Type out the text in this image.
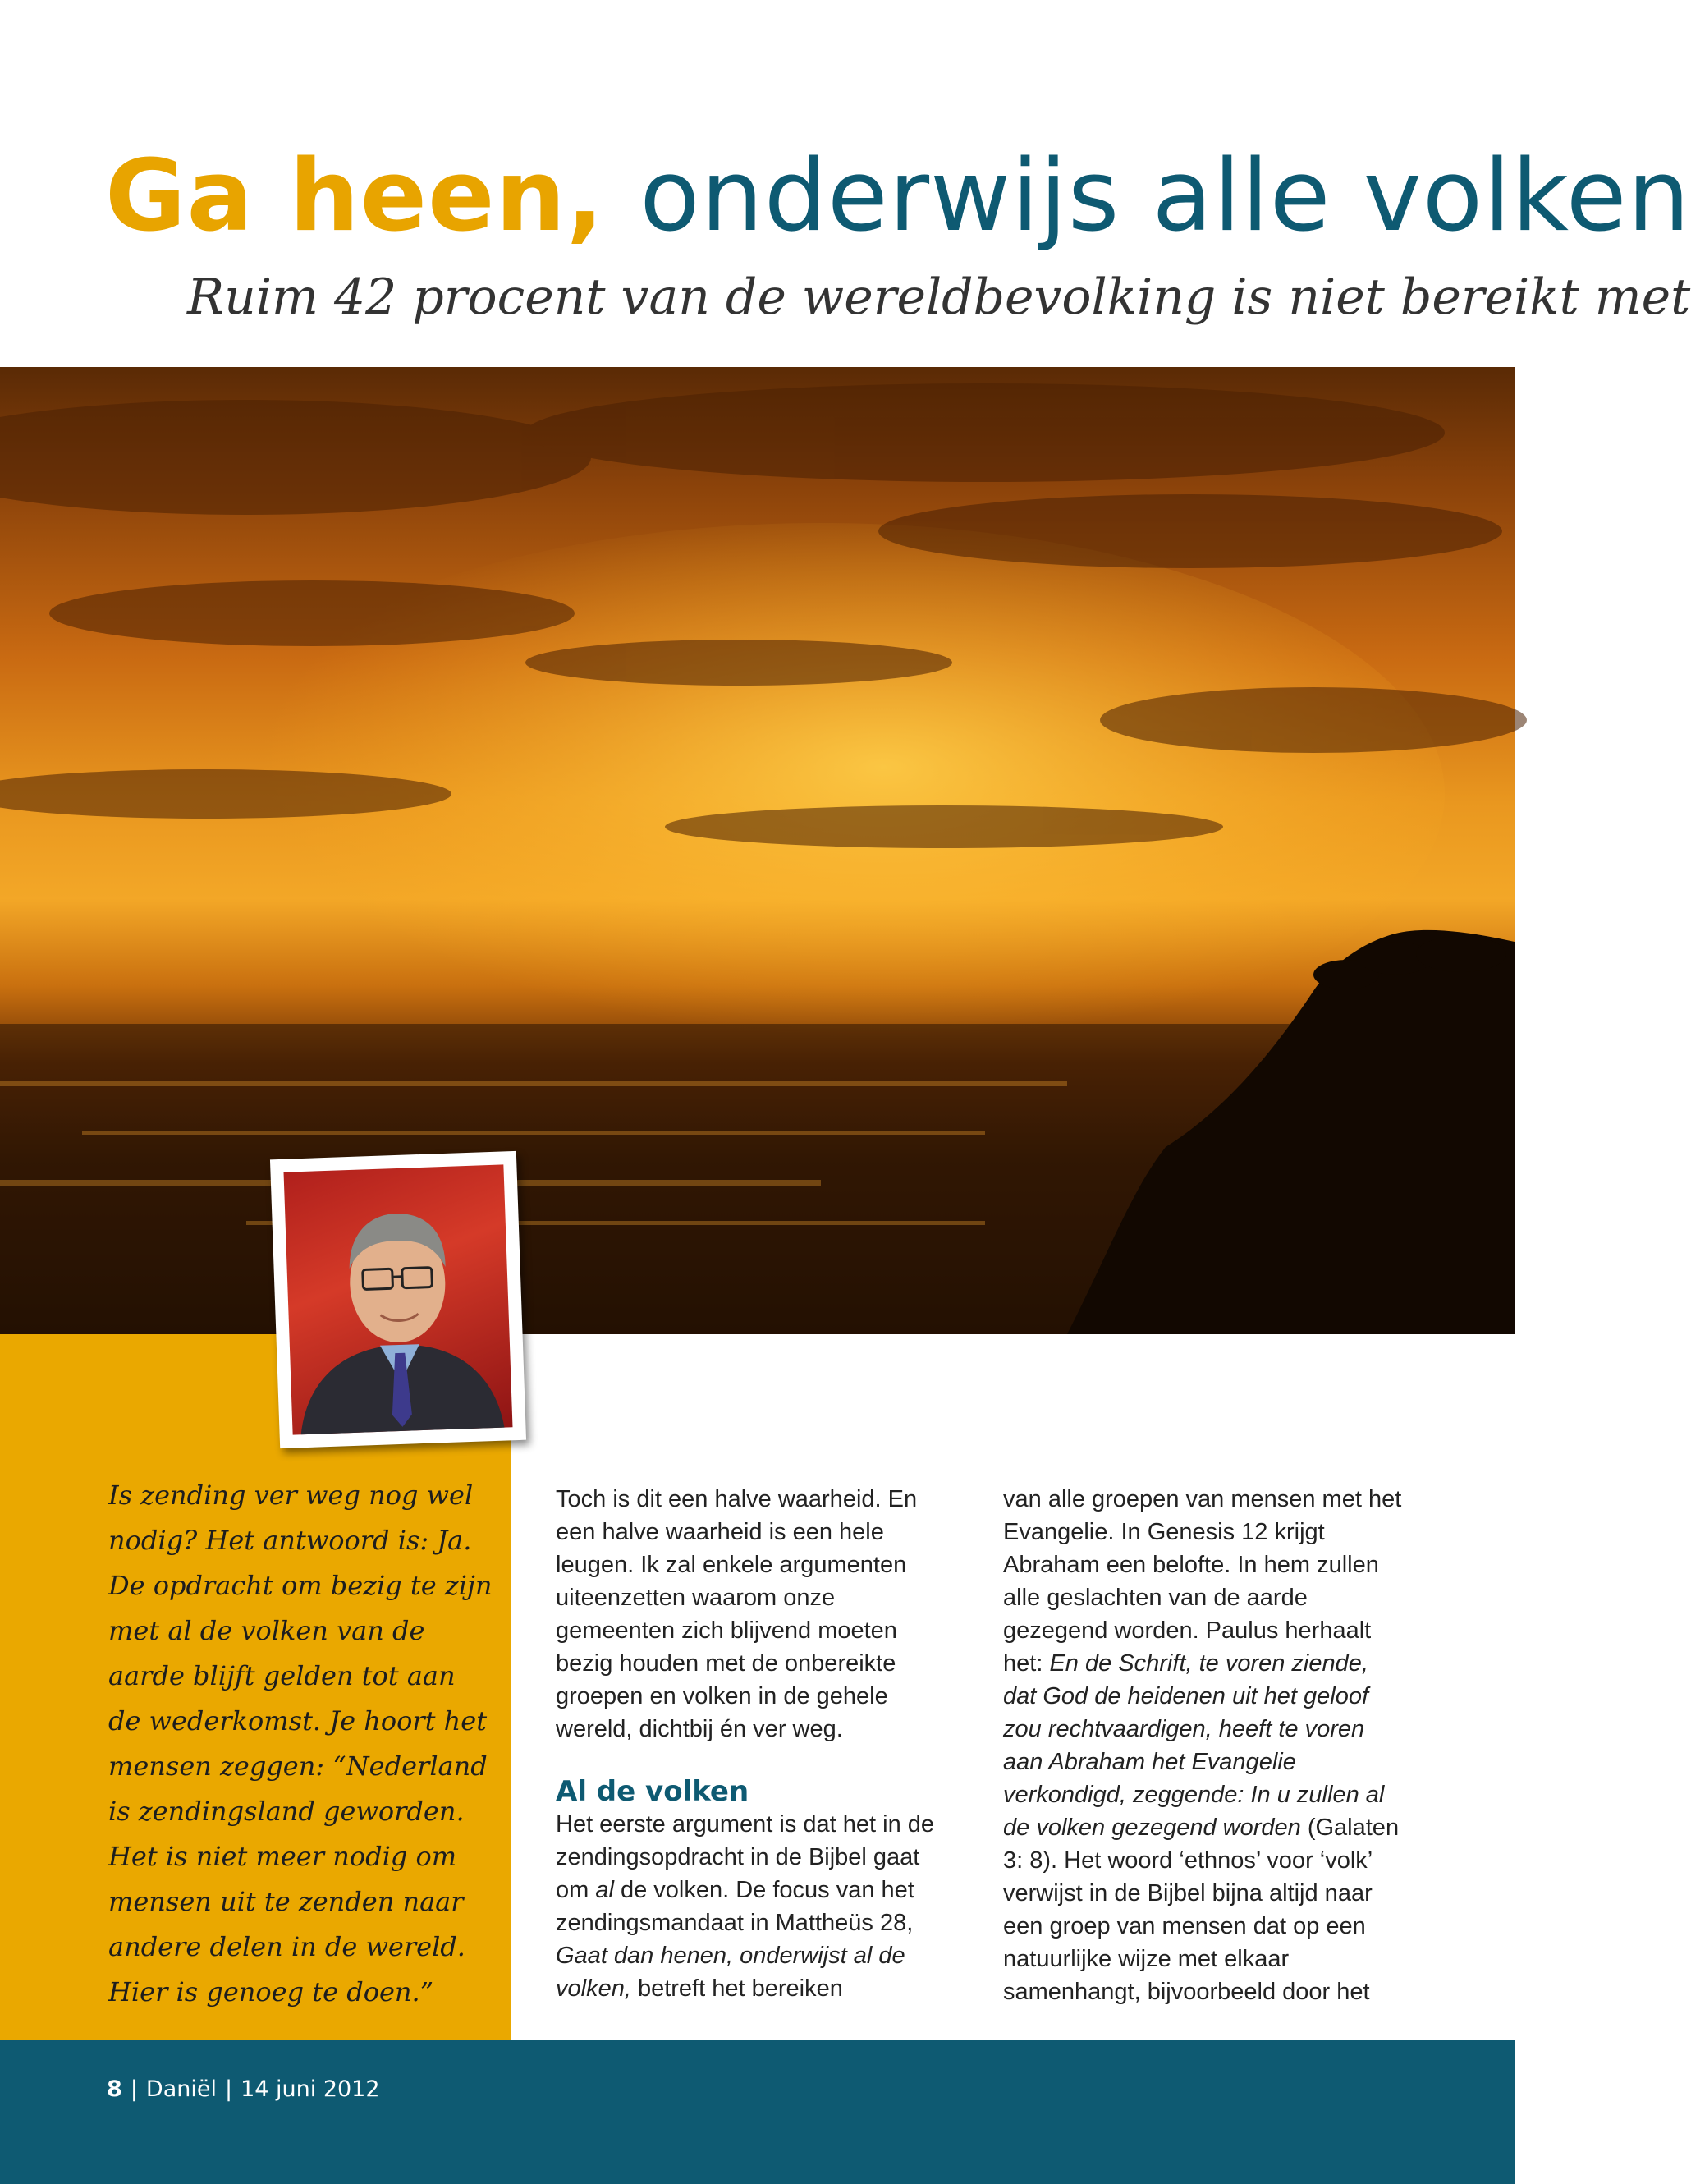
Ga heen, onderwijs alle volken

Ruim 42 procent van de wereldbevolking is niet bereikt met

Is zending ver weg nog wel nodig? Het antwoord is: Ja. De opdracht om bezig te zijn met al de volken van de aarde blijft gelden tot aan de wederkomst. Je hoort het mensen zeggen: “Nederland is zendingsland geworden. Het is niet meer nodig om mensen uit te zenden naar andere delen in de wereld. Hier is genoeg te doen.”

Toch is dit een halve waarheid. En een halve waarheid is een hele leugen. Ik zal enkele argumenten uiteenzetten waarom onze gemeenten zich blijvend moeten bezig houden met de onbereikte groepen en volken in de gehele wereld, dichtbij én ver weg.

Al de volken

Het eerste argument is dat het in de zendingsopdracht in de Bijbel gaat om al de volken. De focus van het zendingsmandaat in Mattheüs 28, Gaat dan henen, onderwijst al de volken, betreft het bereiken

van alle groepen van mensen met het Evangelie. In Genesis 12 krijgt Abraham een belofte. In hem zullen alle geslachten van de aarde gezegend worden. Paulus herhaalt het: En de Schrift, te voren ziende, dat God de heidenen uit het geloof zou rechtvaardigen, heeft te voren aan Abraham het Evangelie verkondigd, zeggende: In u zullen al de volken gezegend worden (Galaten 3: 8). Het woord ‘ethnos’ voor ‘volk’ verwijst in de Bijbel bijna altijd naar een groep van mensen dat op een natuurlijke wijze met elkaar samenhangt, bijvoorbeeld door het

8 | Daniël | 14 juni 2012
